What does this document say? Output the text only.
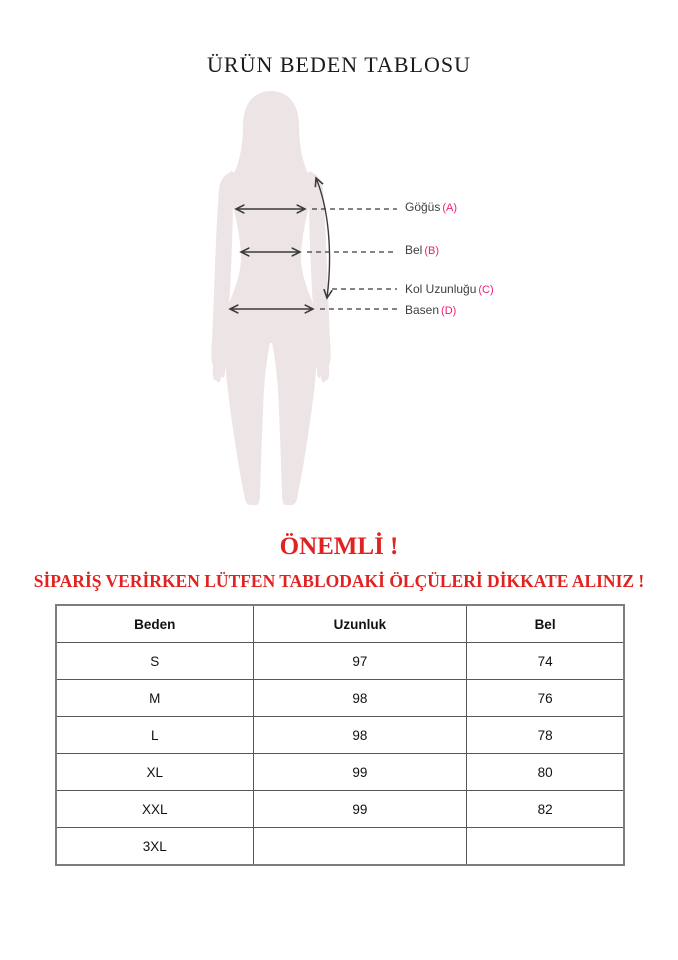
ÜRÜN BEDEN TABLOSU
Göğüs (A)
Bel (B)
Kol Uzunluğu (C)
Basen (D)
ÖNEMLİ !
SİPARİŞ VERİRKEN LÜTFEN TABLODAKİ ÖLÇÜLERİ DİKKATE ALINIZ !
Beden	Uzunluk	Bel
S	97	74
M	98	76
L	98	78
XL	99	80
XXL	99	82
3XL		
